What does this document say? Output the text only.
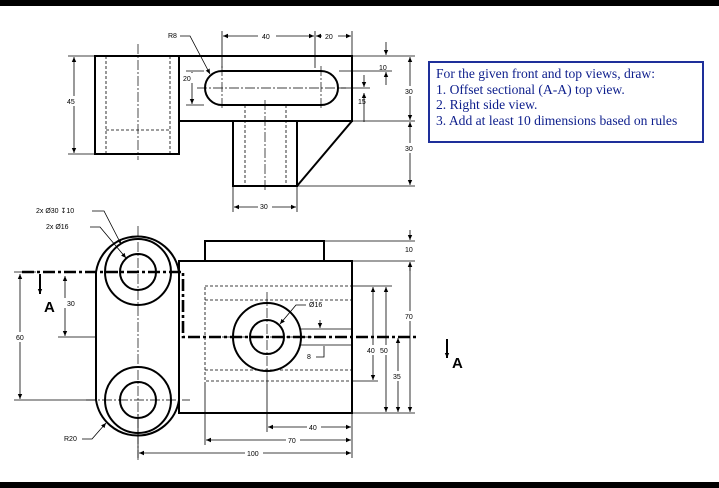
40	20
R8
45
20
10
15
30
30
30
A
A
2x Ø30 ↧10
2x Ø16
Ø16
8
30
60
R20
10
70
40 50
35
40
70
100
For the given front and top views, draw:
1. Offset sectional (A-A) top view.
2. Right side view.
3. Add at least 10 dimensions based on rules
